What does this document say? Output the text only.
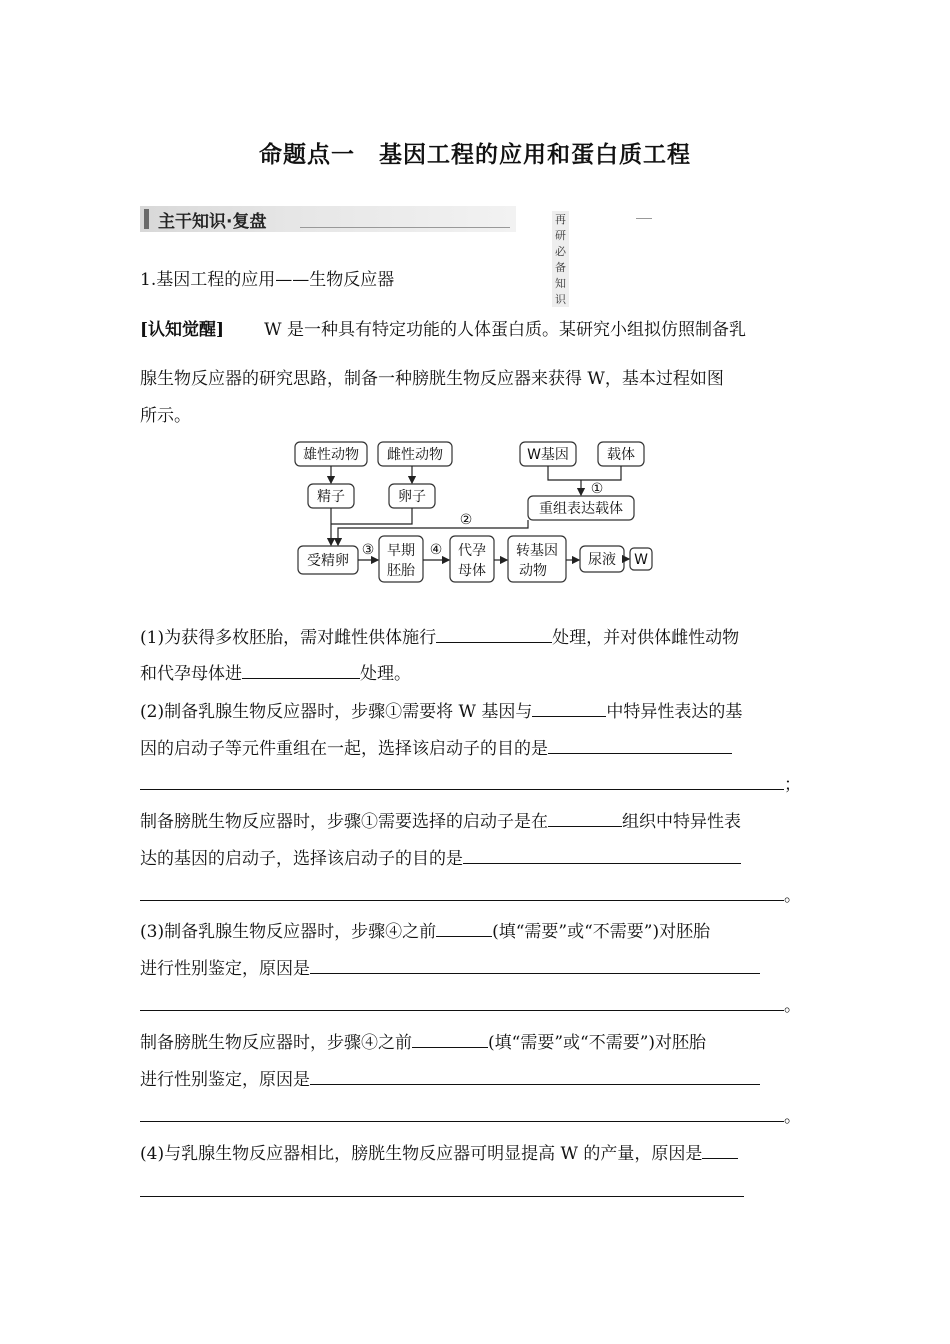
命题点一　基因工程的应用和蛋白质工程
主干知识·复盘	再研必备知识
1.基因工程的应用——生物反应器
[认知觉醒] W 是一种具有特定功能的人体蛋白质。某研究小组拟仿照制备乳
腺生物反应器的研究思路，制备一种膀胱生物反应器来获得 W，基本过程如图
所示。
雄性动物 雌性动物	W基因	载体
精子	卵子
重组表达载体
受精卵
早期
胚胎
代孕
母体
转基因
动物
尿液 W
①
②
③	④
(1)为获得多枚胚胎，需对雌性供体施行	处理，并对供体雌性动物
和代孕母体进	处理。
(2)制备乳腺生物反应器时，步骤①需要将 W 基因与	中特异性表达的基
因的启动子等元件重组在一起，选择该启动子的目的是
；
制备膀胱生物反应器时，步骤①需要选择的启动子是在	组织中特异性表
达的基因的启动子，选择该启动子的目的是
。
(3)制备乳腺生物反应器时，步骤④之前	(填“需要”或“不需要”)对胚胎
进行性别鉴定，原因是
。
制备膀胱生物反应器时，步骤④之前	(填“需要”或“不需要”)对胚胎
进行性别鉴定，原因是
。
(4)与乳腺生物反应器相比，膀胱生物反应器可明显提高 W 的产量，原因是
